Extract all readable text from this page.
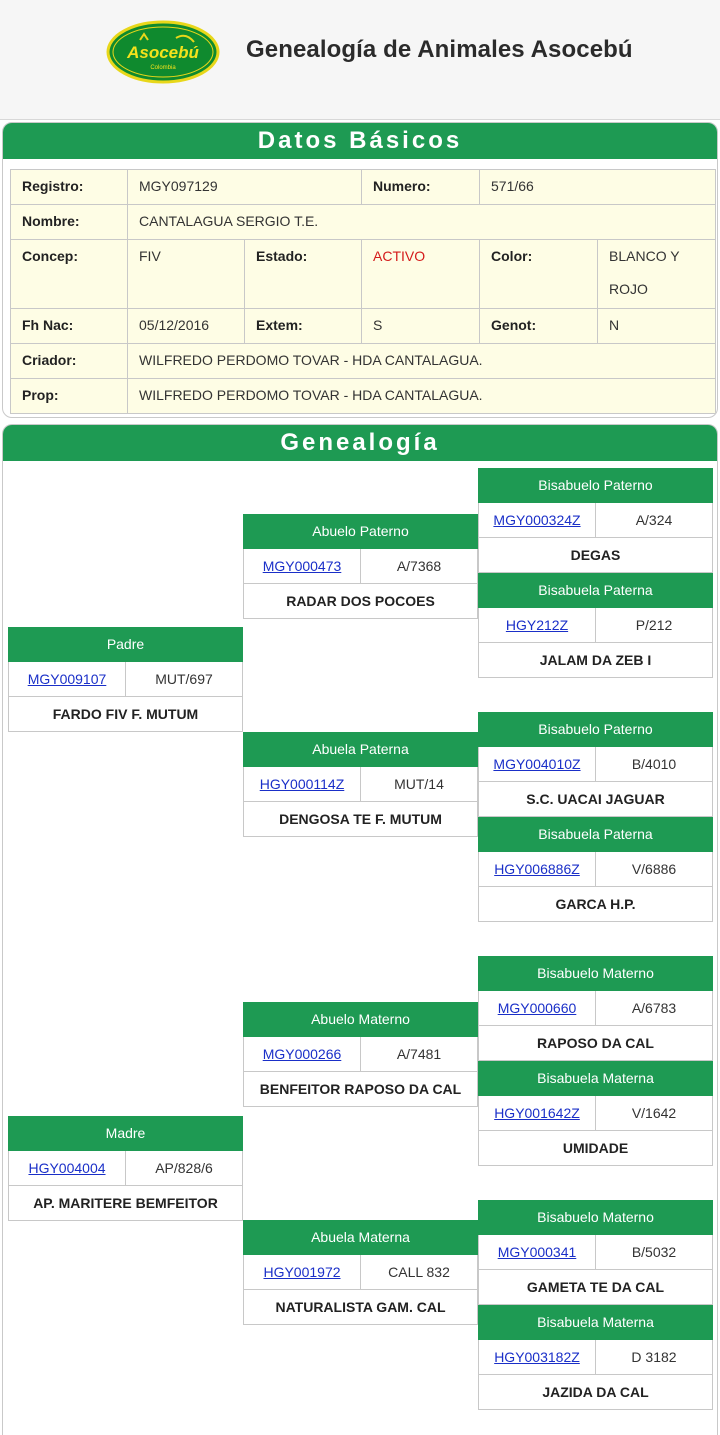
Asocebú
Colombia
Genealogía de Animales Asocebú
Datos Básicos
Registro:	MGY097129		Numero:	571/66	
Nombre:	CANTALAGUA SERGIO T.E.				
Concep:	FIV	Estado:	ACTIVO	Color:	BLANCO Y
ROJO

Fh Nac:	05/12/2016	Extem:	S	Genot:	N
Criador:	WILFREDO PERDOMO TOVAR - HDA CANTALAGUA.				
Prop:	WILFREDO PERDOMO TOVAR - HDA CANTALAGUA.				
Genealogía
Padre
MGY009107	MUT/697
FARDO FIV F. MUTUM
Madre
HGY004004	AP/828/6
AP. MARITERE BEMFEITOR
Abuelo Paterno
MGY000473	A/7368
RADAR DOS POCOES
Abuela Paterna
HGY000114Z	MUT/14
DENGOSA TE F. MUTUM
Abuelo Materno
MGY000266	A/7481
BENFEITOR RAPOSO DA CAL
Abuela Materna
HGY001972	CALL 832
NATURALISTA GAM. CAL
Bisabuelo Paterno
MGY000324Z	A/324
DEGAS
Bisabuela Paterna
HGY212Z	P/212
JALAM DA ZEB I
Bisabuelo Paterno
MGY004010Z	B/4010
S.C. UACAI JAGUAR
Bisabuela Paterna
HGY006886Z	V/6886
GARCA H.P.
Bisabuelo Materno
MGY000660	A/6783
RAPOSO DA CAL
Bisabuela Materna
HGY001642Z	V/1642
UMIDADE
Bisabuelo Materno
MGY000341	B/5032
GAMETA TE DA CAL
Bisabuela Materna
HGY003182Z	D 3182
JAZIDA DA CAL
